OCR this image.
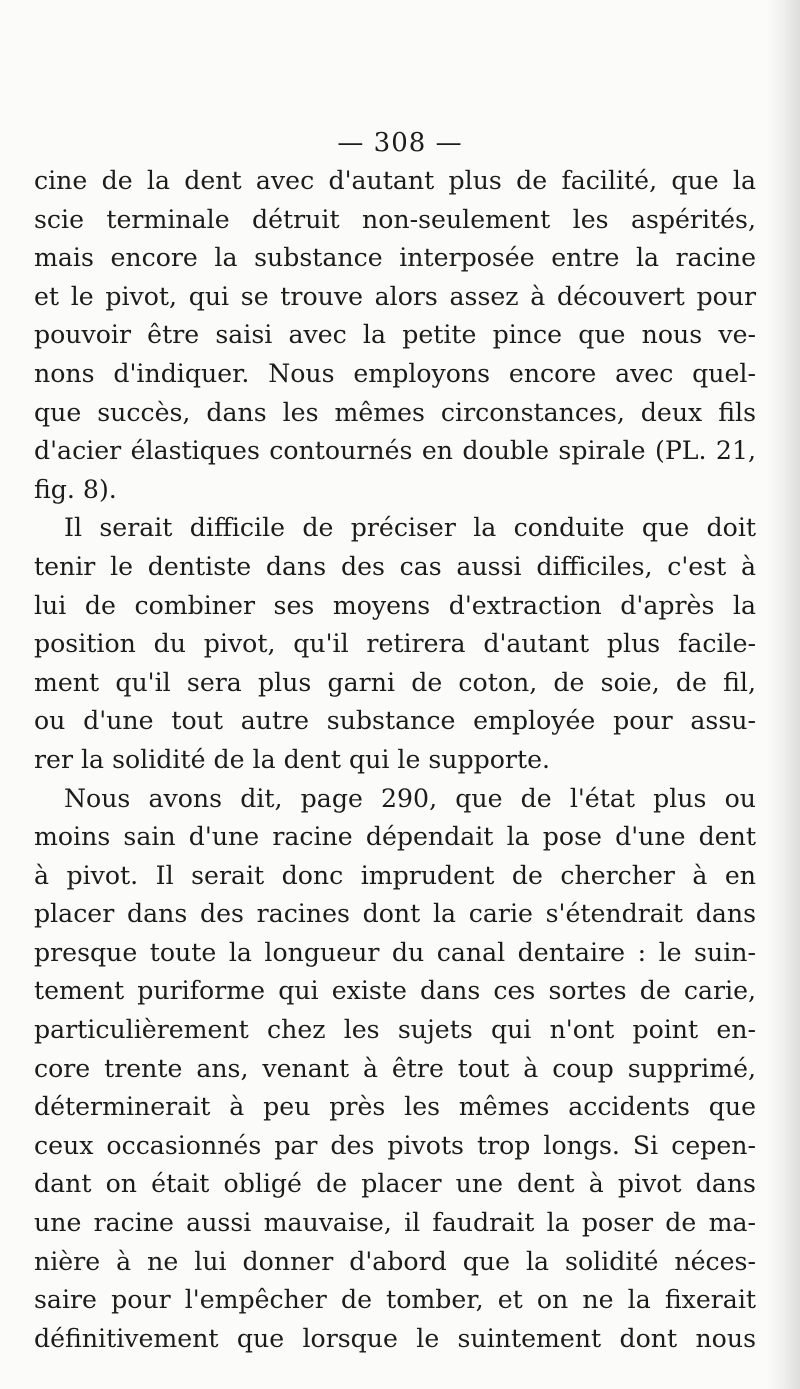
— 308 —
cine de la dent avec d'autant plus de facilité, que la
scie terminale détruit non-seulement les aspérités,
mais encore la substance interposée entre la racine
et le pivot, qui se trouve alors assez à découvert pour
pouvoir être saisi avec la petite pince que nous ve-
nons d'indiquer. Nous employons encore avec quel-
que succès, dans les mêmes circonstances, deux fils
d'acier élastiques contournés en double spirale (PL. 21,
fig. 8).
Il serait difficile de préciser la conduite que doit
tenir le dentiste dans des cas aussi difficiles, c'est à
lui de combiner ses moyens d'extraction d'après la
position du pivot, qu'il retirera d'autant plus facile-
ment qu'il sera plus garni de coton, de soie, de fil,
ou d'une tout autre substance employée pour assu-
rer la solidité de la dent qui le supporte.
Nous avons dit, page 290, que de l'état plus ou
moins sain d'une racine dépendait la pose d'une dent
à pivot. Il serait donc imprudent de chercher à en
placer dans des racines dont la carie s'étendrait dans
presque toute la longueur du canal dentaire : le suin-
tement puriforme qui existe dans ces sortes de carie,
particulièrement chez les sujets qui n'ont point en-
core trente ans, venant à être tout à coup supprimé,
déterminerait à peu près les mêmes accidents que
ceux occasionnés par des pivots trop longs. Si cepen-
dant on était obligé de placer une dent à pivot dans
une racine aussi mauvaise, il faudrait la poser de ma-
nière à ne lui donner d'abord que la solidité néces-
saire pour l'empêcher de tomber, et on ne la fixerait
définitivement que lorsque le suintement dont nous
